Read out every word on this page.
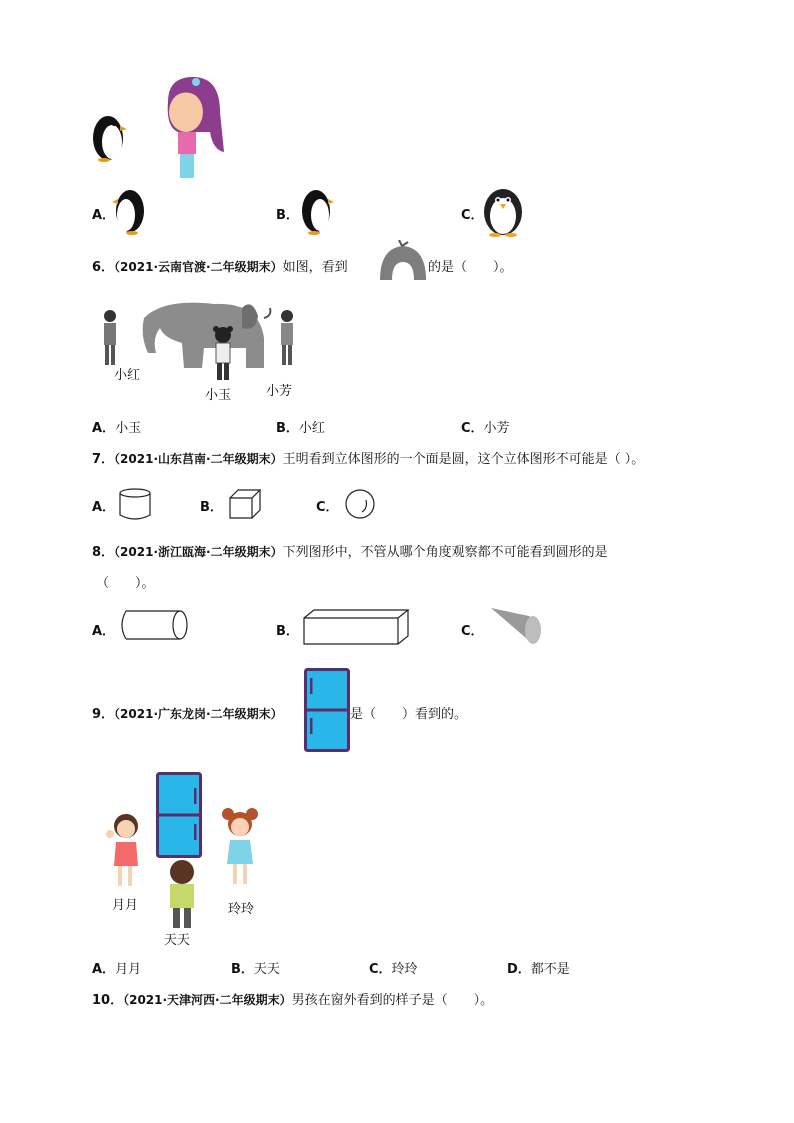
A．	B．	C．
6．（2021·云南官渡·二年级期末）如图，看到	的是（　　）。
小红
小玉	小芳
A．小玉	B．小红	C．小芳
7．（2021·山东莒南·二年级期末）王明看到立体图形的一个面是圆，这个立体图形不可能是（ ）。
A．	B．	C．
8．（2021·浙江瓯海·二年级期末）下列图形中，不管从哪个角度观察都不可能看到圆形的是
（　　）。
A．	B．	C．
9．（2021·广东龙岗·二年级期末）	是（　　）看到的。
月月
天天
玲玲
A．月月	B．天天	C．玲玲	D．都不是
10．（2021·天津河西·二年级期末）男孩在窗外看到的样子是（　　）。
